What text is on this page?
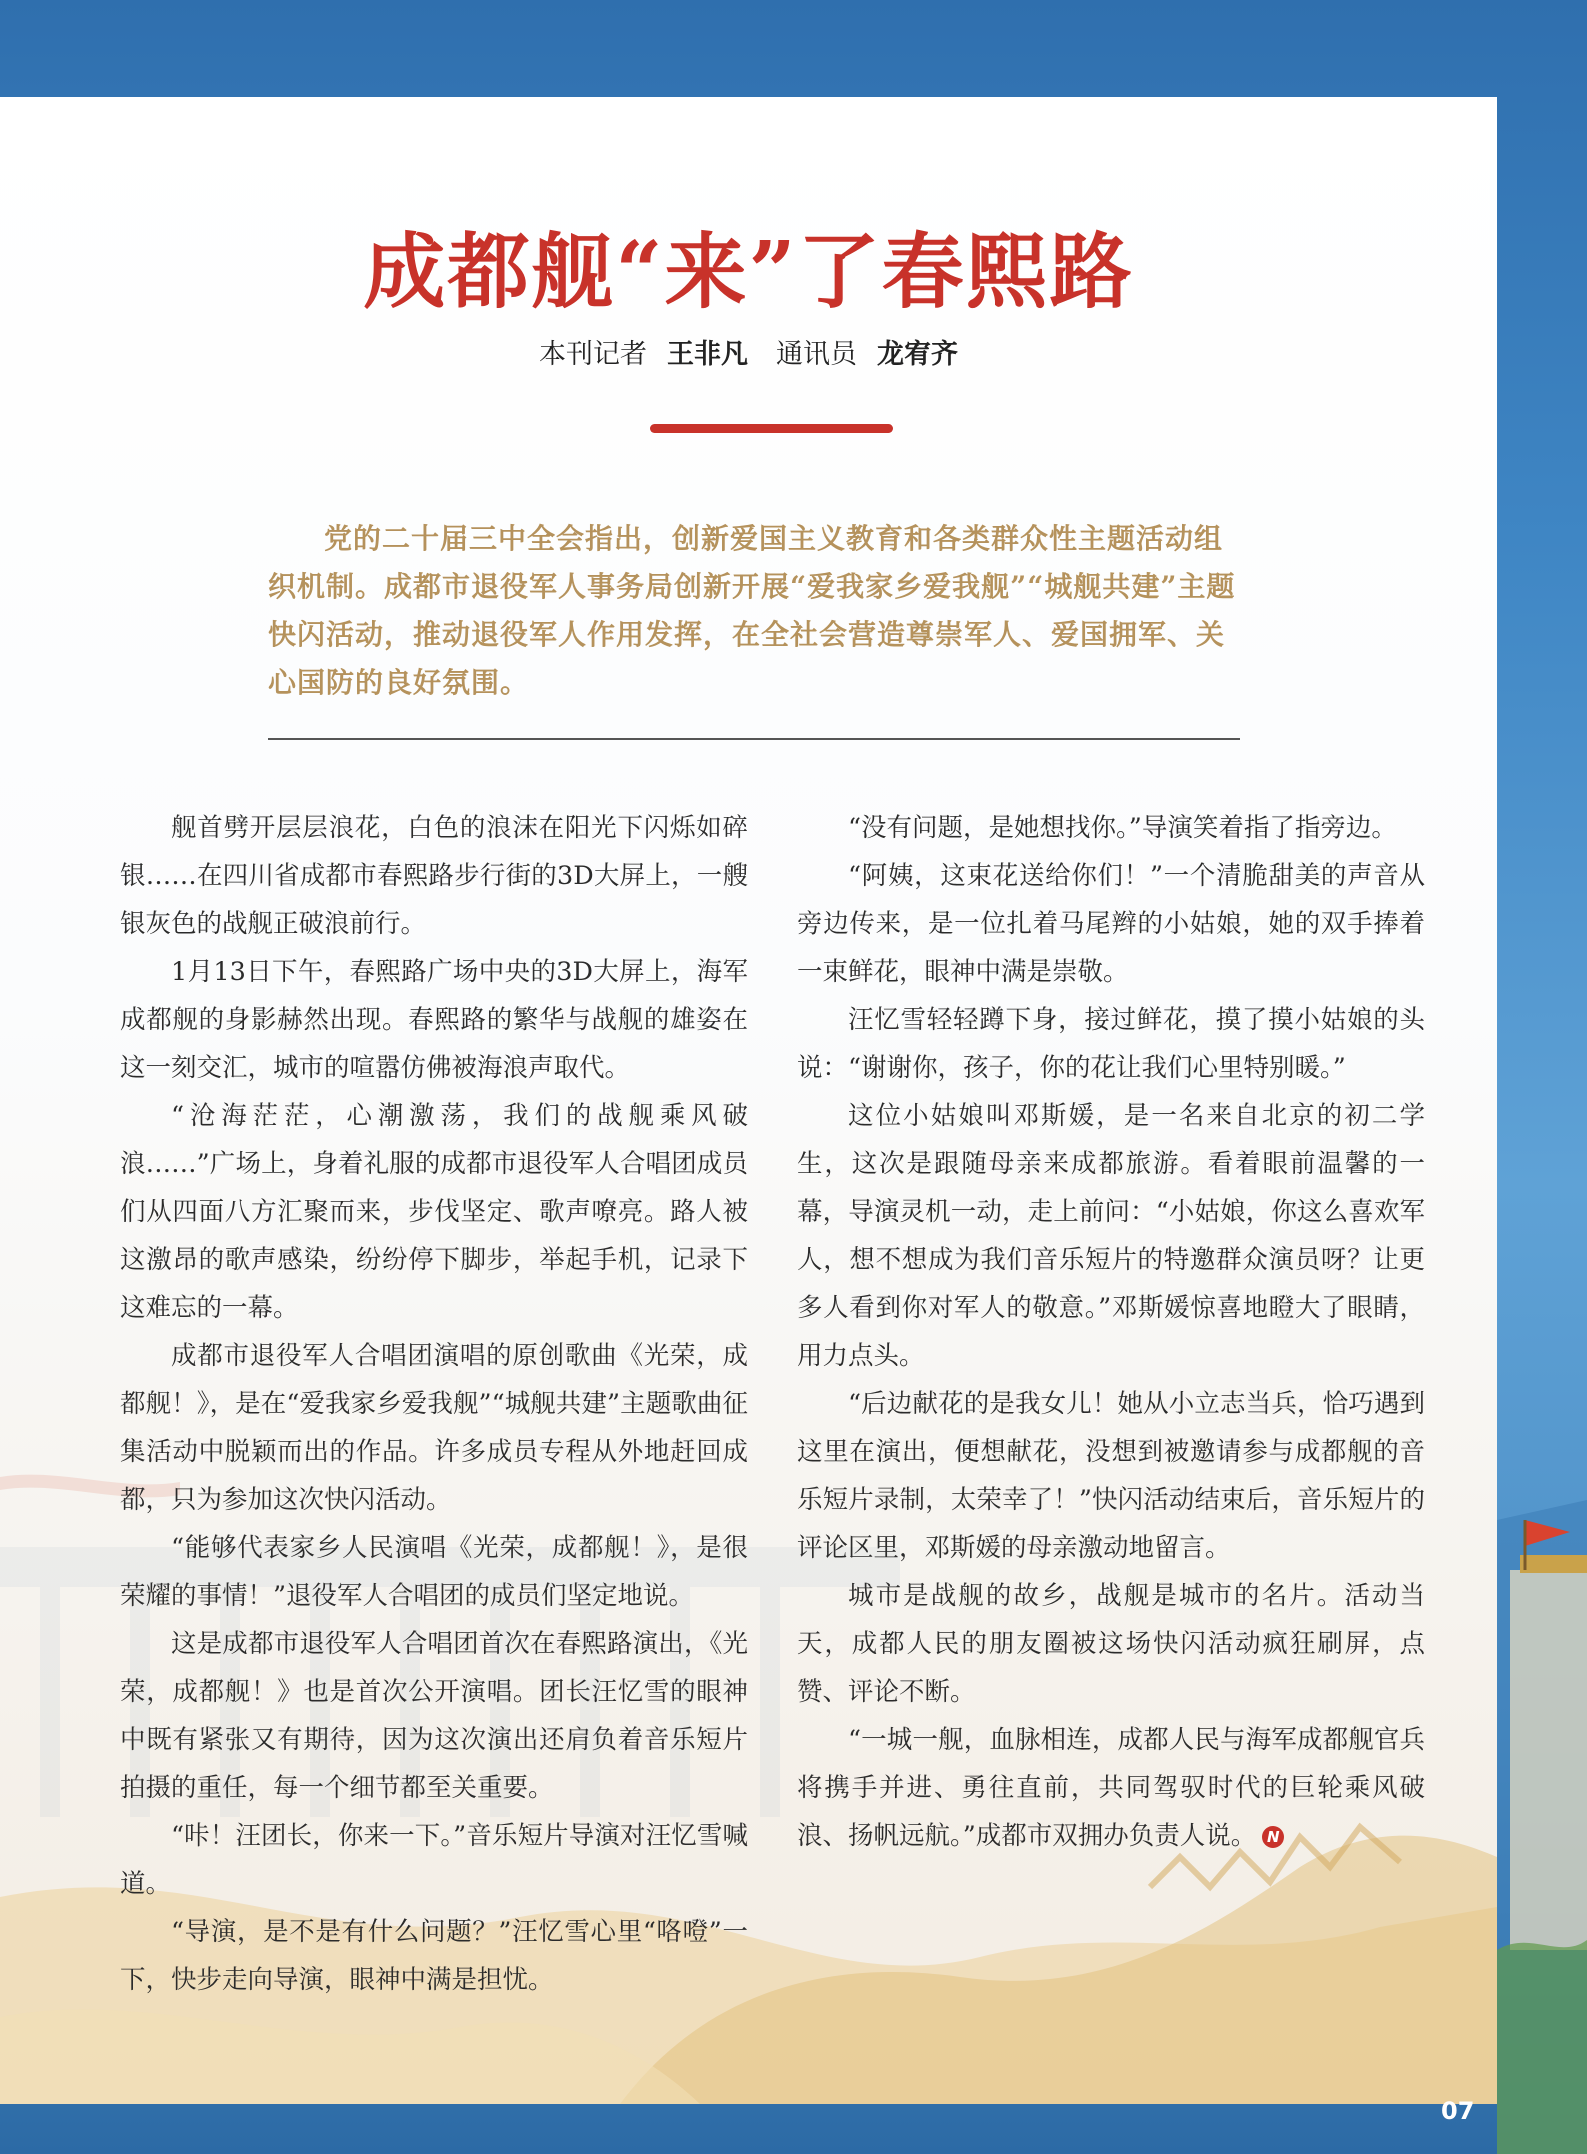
成都舰“来”了春熙路
本刊记者 王非凡 通讯员 龙宥齐
党的二十届三中全会指出，创新爱国主义教育和各类群众性主题活动组织机制。成都市退役军人事务局创新开展“爱我家乡爱我舰”“城舰共建”主题快闪活动，推动退役军人作用发挥，在全社会营造尊崇军人、爱国拥军、关心国防的良好氛围。

舰首劈开层层浪花，白色的浪沫在阳光下闪烁如碎银……在四川省成都市春熙路步行街的3D大屏上，一艘银灰色的战舰正破浪前行。

1月13日下午，春熙路广场中央的3D大屏上，海军成都舰的身影赫然出现。春熙路的繁华与战舰的雄姿在这一刻交汇，城市的喧嚣仿佛被海浪声取代。

“沧海茫茫，心潮激荡，我们的战舰乘风破浪……”广场上，身着礼服的成都市退役军人合唱团成员们从四面八方汇聚而来，步伐坚定、歌声嘹亮。路人被这激昂的歌声感染，纷纷停下脚步，举起手机，记录下这难忘的一幕。

成都市退役军人合唱团演唱的原创歌曲《光荣，成都舰！》，是在“爱我家乡爱我舰”“城舰共建”主题歌曲征集活动中脱颖而出的作品。许多成员专程从外地赶回成都，只为参加这次快闪活动。

“能够代表家乡人民演唱《光荣，成都舰！》，是很荣耀的事情！”退役军人合唱团的成员们坚定地说。

这是成都市退役军人合唱团首次在春熙路演出，《光荣，成都舰！》也是首次公开演唱。团长汪忆雪的眼神中既有紧张又有期待，因为这次演出还肩负着音乐短片拍摄的重任，每一个细节都至关重要。

“咔！汪团长，你来一下。”音乐短片导演对汪忆雪喊道。

“导演，是不是有什么问题？”汪忆雪心里“咯噔”一下，快步走向导演，眼神中满是担忧。

“没有问题，是她想找你。”导演笑着指了指旁边。

“阿姨，这束花送给你们！”一个清脆甜美的声音从旁边传来，是一位扎着马尾辫的小姑娘，她的双手捧着一束鲜花，眼神中满是崇敬。

汪忆雪轻轻蹲下身，接过鲜花，摸了摸小姑娘的头说：“谢谢你，孩子，你的花让我们心里特别暖。”

这位小姑娘叫邓斯媛，是一名来自北京的初二学生，这次是跟随母亲来成都旅游。看着眼前温馨的一幕，导演灵机一动，走上前问：“小姑娘，你这么喜欢军人，想不想成为我们音乐短片的特邀群众演员呀？让更多人看到你对军人的敬意。”邓斯媛惊喜地瞪大了眼睛，用力点头。

“后边献花的是我女儿！她从小立志当兵，恰巧遇到这里在演出，便想献花，没想到被邀请参与成都舰的音乐短片录制，太荣幸了！”快闪活动结束后，音乐短片的评论区里，邓斯媛的母亲激动地留言。

城市是战舰的故乡，战舰是城市的名片。活动当天，成都人民的朋友圈被这场快闪活动疯狂刷屏，点赞、评论不断。

“一城一舰，血脉相连，成都人民与海军成都舰官兵将携手并进、勇往直前，共同驾驭时代的巨轮乘风破浪、扬帆远航。”成都市双拥办负责人说。 N

07
